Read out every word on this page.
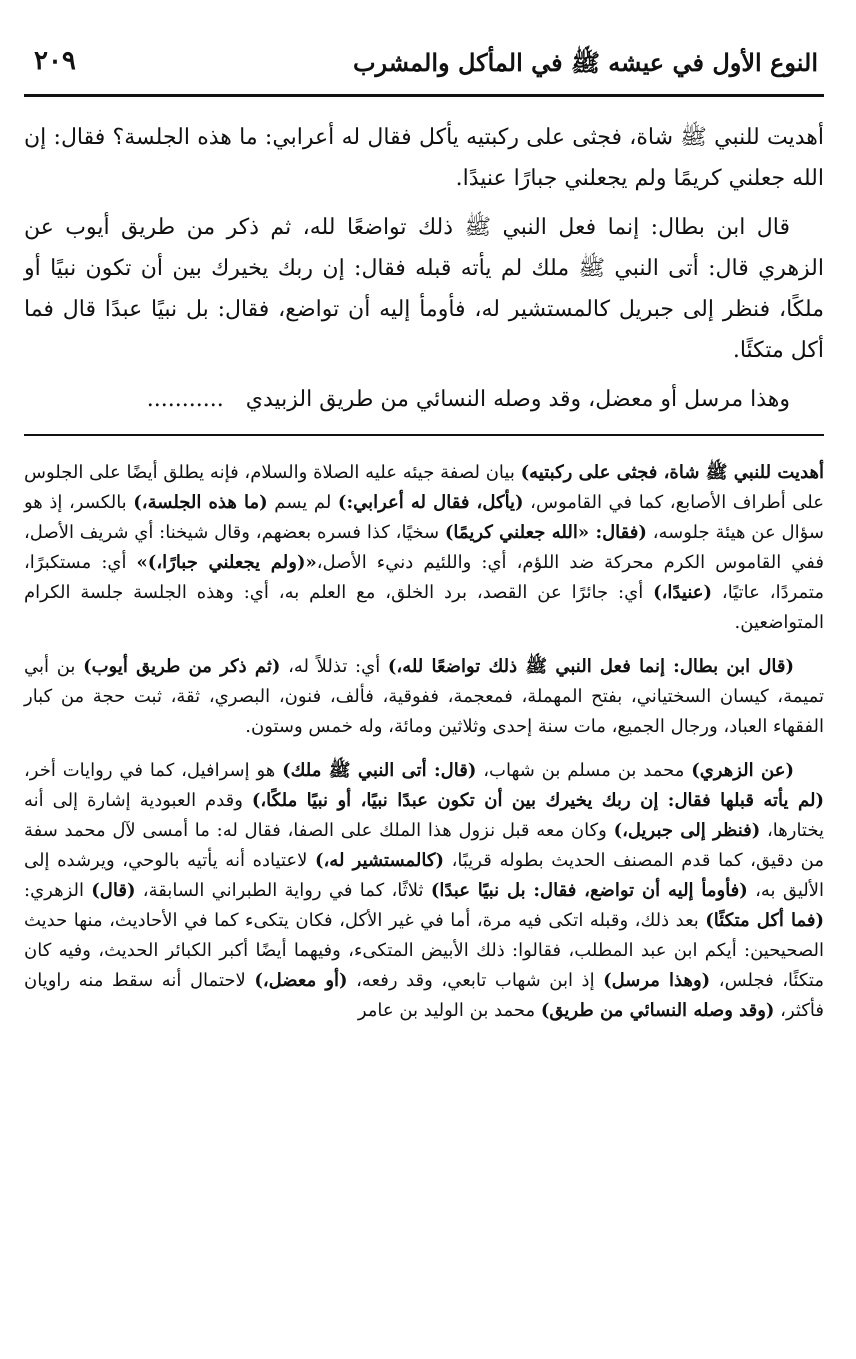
النوع الأول في عيشه ﷺ في المأكل والمشرب
٢٠٩

أهديت للنبي ﷺ شاة، فجثى على ركبتيه يأكل فقال له أعرابي: ما هذه الجلسة؟ فقال: إن الله جعلني كريمًا ولم يجعلني جبارًا عنيدًا.

قال ابن بطال: إنما فعل النبي ﷺ ذلك تواضعًا لله، ثم ذكر من طريق أيوب عن الزهري قال: أتى النبي ﷺ ملك لم يأته قبله فقال: إن ربك يخيرك بين أن تكون نبيًا أو ملكًا، فنظر إلى جبريل كالمستشير له، فأومأ إليه أن تواضع، فقال: بل نبيًا عبدًا قال فما أكل متكئًا.

وهذا مرسل أو معضل، وقد وصله النسائي من طريق الزبيدي...........

أهديت للنبي ﷺ شاة، فجثى على ركبتيه) بيان لصفة جيئه عليه الصلاة والسلام، فإنه يطلق أيضًا على الجلوس على أطراف الأصابع، كما في القاموس، (يأكل، فقال له أعرابي:) لم يسم (ما هذه الجلسة،) بالكسر، إذ هو سؤال عن هيئة جلوسه، (فقال: «الله جعلني كريمًا) سخيًا، كذا فسره بعضهم، وقال شيخنا: أي شريف الأصل، ففي القاموس الكرم محركة ضد اللؤم، أي: واللئيم دنيء الأصل،«(ولم يجعلني جبارًا،)» أي: مستكبرًا، متمردًا، عاتيًا، (عنيدًا،) أي: جائرًا عن القصد، برد الخلق، مع العلم به، أي: وهذه الجلسة جلسة الكرام المتواضعين.

(قال ابن بطال: إنما فعل النبي ﷺ ذلك تواضعًا لله،) أي: تذللاً له، (ثم ذكر من طريق أيوب) بن أبي تميمة، كيسان السختياني، بفتح المهملة، فمعجمة، ففوقية، فألف، فنون، البصري، ثقة، ثبت حجة من كبار الفقهاء العباد، ورجال الجميع، مات سنة إحدى وثلاثين ومائة، وله خمس وستون.

(عن الزهري) محمد بن مسلم بن شهاب، (قال: أتى النبي ﷺ ملك) هو إسرافيل، كما في روايات أخر، (لم يأته قبلها فقال: إن ربك يخيرك بين أن تكون عبدًا نبيًا، أو نبيًا ملكًا،) وقدم العبودية إشارة إلى أنه يختارها، (فنظر إلى جبريل،) وكان معه قبل نزول هذا الملك على الصفا، فقال له: ما أمسى لآل محمد سفة من دقيق، كما قدم المصنف الحديث بطوله قريبًا، (كالمستشير له،) لاعتياده أنه يأتيه بالوحي، ويرشده إلى الأليق به، (فأومأ إليه أن تواضع، فقال: بل نبيًا عبدًا) ثلاثًا، كما في رواية الطبراني السابقة، (قال) الزهري: (فما أكل متكئًا) بعد ذلك، وقبله اتكى فيه مرة، أما في غير الأكل، فكان يتكىء كما في الأحاديث، منها حديث الصحيحين: أيكم ابن عبد المطلب، فقالوا: ذلك الأبيض المتكىء، وفيهما أيضًا أكبر الكبائر الحديث، وفيه كان متكئًا، فجلس، (وهذا مرسل) إذ ابن شهاب تابعي، وقد رفعه، (أو معضل،) لاحتمال أنه سقط منه راويان فأكثر، (وقد وصله النسائي من طريق) محمد بن الوليد بن عامر
